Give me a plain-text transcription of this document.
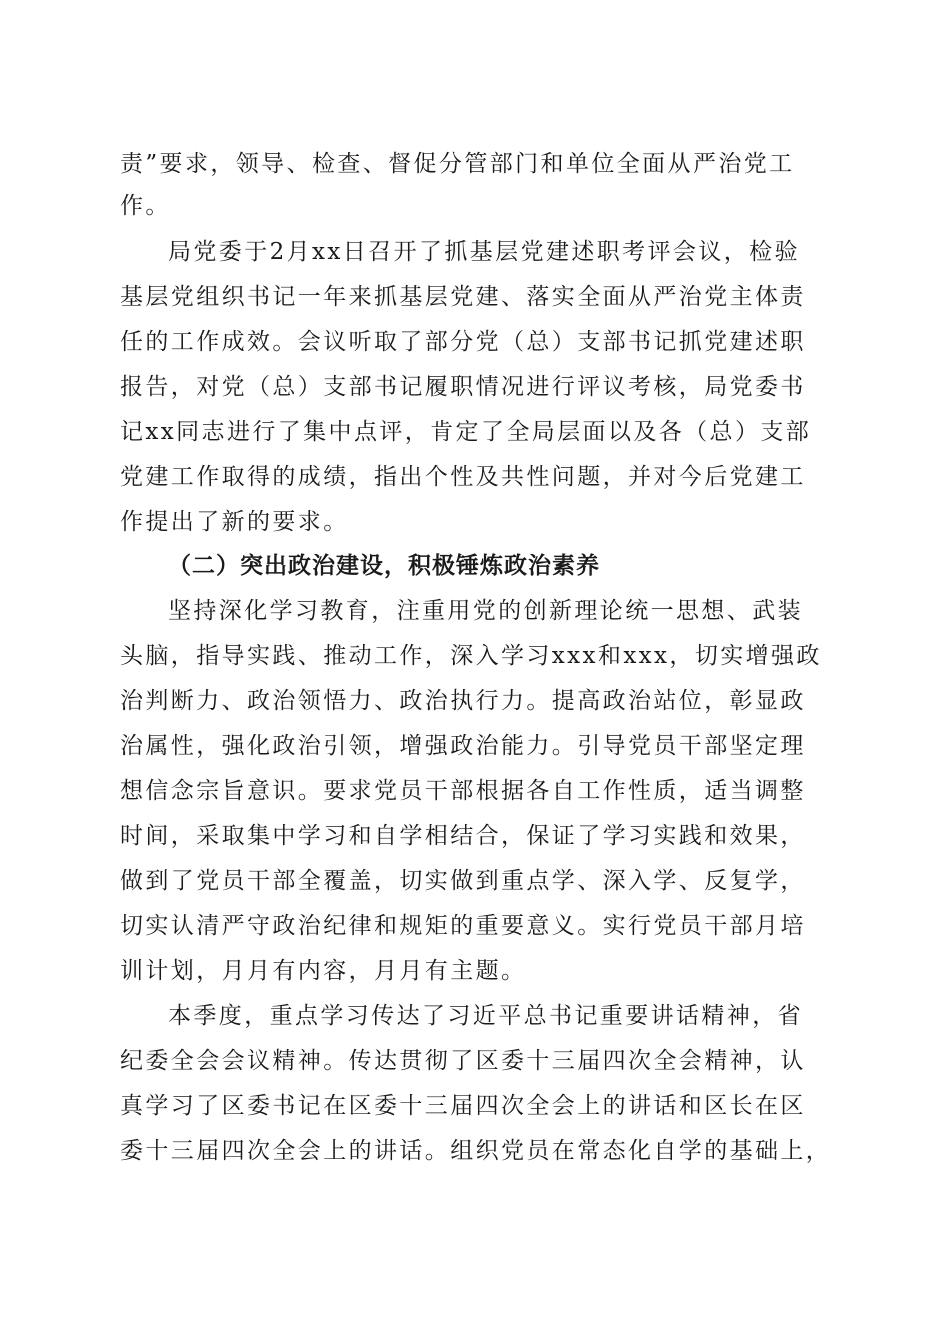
责”要求，领导、检查、督促分管部门和单位全面从严治党工
作。
局党委于2月xx日召开了抓基层党建述职考评会议，检验
基层党组织书记一年来抓基层党建、落实全面从严治党主体责
任的工作成效。会议听取了部分党（总）支部书记抓党建述职
报告，对党（总）支部书记履职情况进行评议考核，局党委书
记xx同志进行了集中点评，肯定了全局层面以及各（总）支部
党建工作取得的成绩，指出个性及共性问题，并对今后党建工
作提出了新的要求。
（二）突出政治建设，积极锤炼政治素养
坚持深化学习教育，注重用党的创新理论统一思想、武装
头脑，指导实践、推动工作，深入学习xxx和xxx，切实增强政
治判断力、政治领悟力、政治执行力。提高政治站位，彰显政
治属性，强化政治引领，增强政治能力。引导党员干部坚定理
想信念宗旨意识。要求党员干部根据各自工作性质，适当调整
时间，采取集中学习和自学相结合，保证了学习实践和效果，
做到了党员干部全覆盖，切实做到重点学、深入学、反复学，
切实认清严守政治纪律和规矩的重要意义。实行党员干部月培
训计划，月月有内容，月月有主题。
本季度，重点学习传达了习近平总书记重要讲话精神，省
纪委全会会议精神。传达贯彻了区委十三届四次全会精神，认
真学习了区委书记在区委十三届四次全会上的讲话和区长在区
委十三届四次全会上的讲话。组织党员在常态化自学的基础上，
